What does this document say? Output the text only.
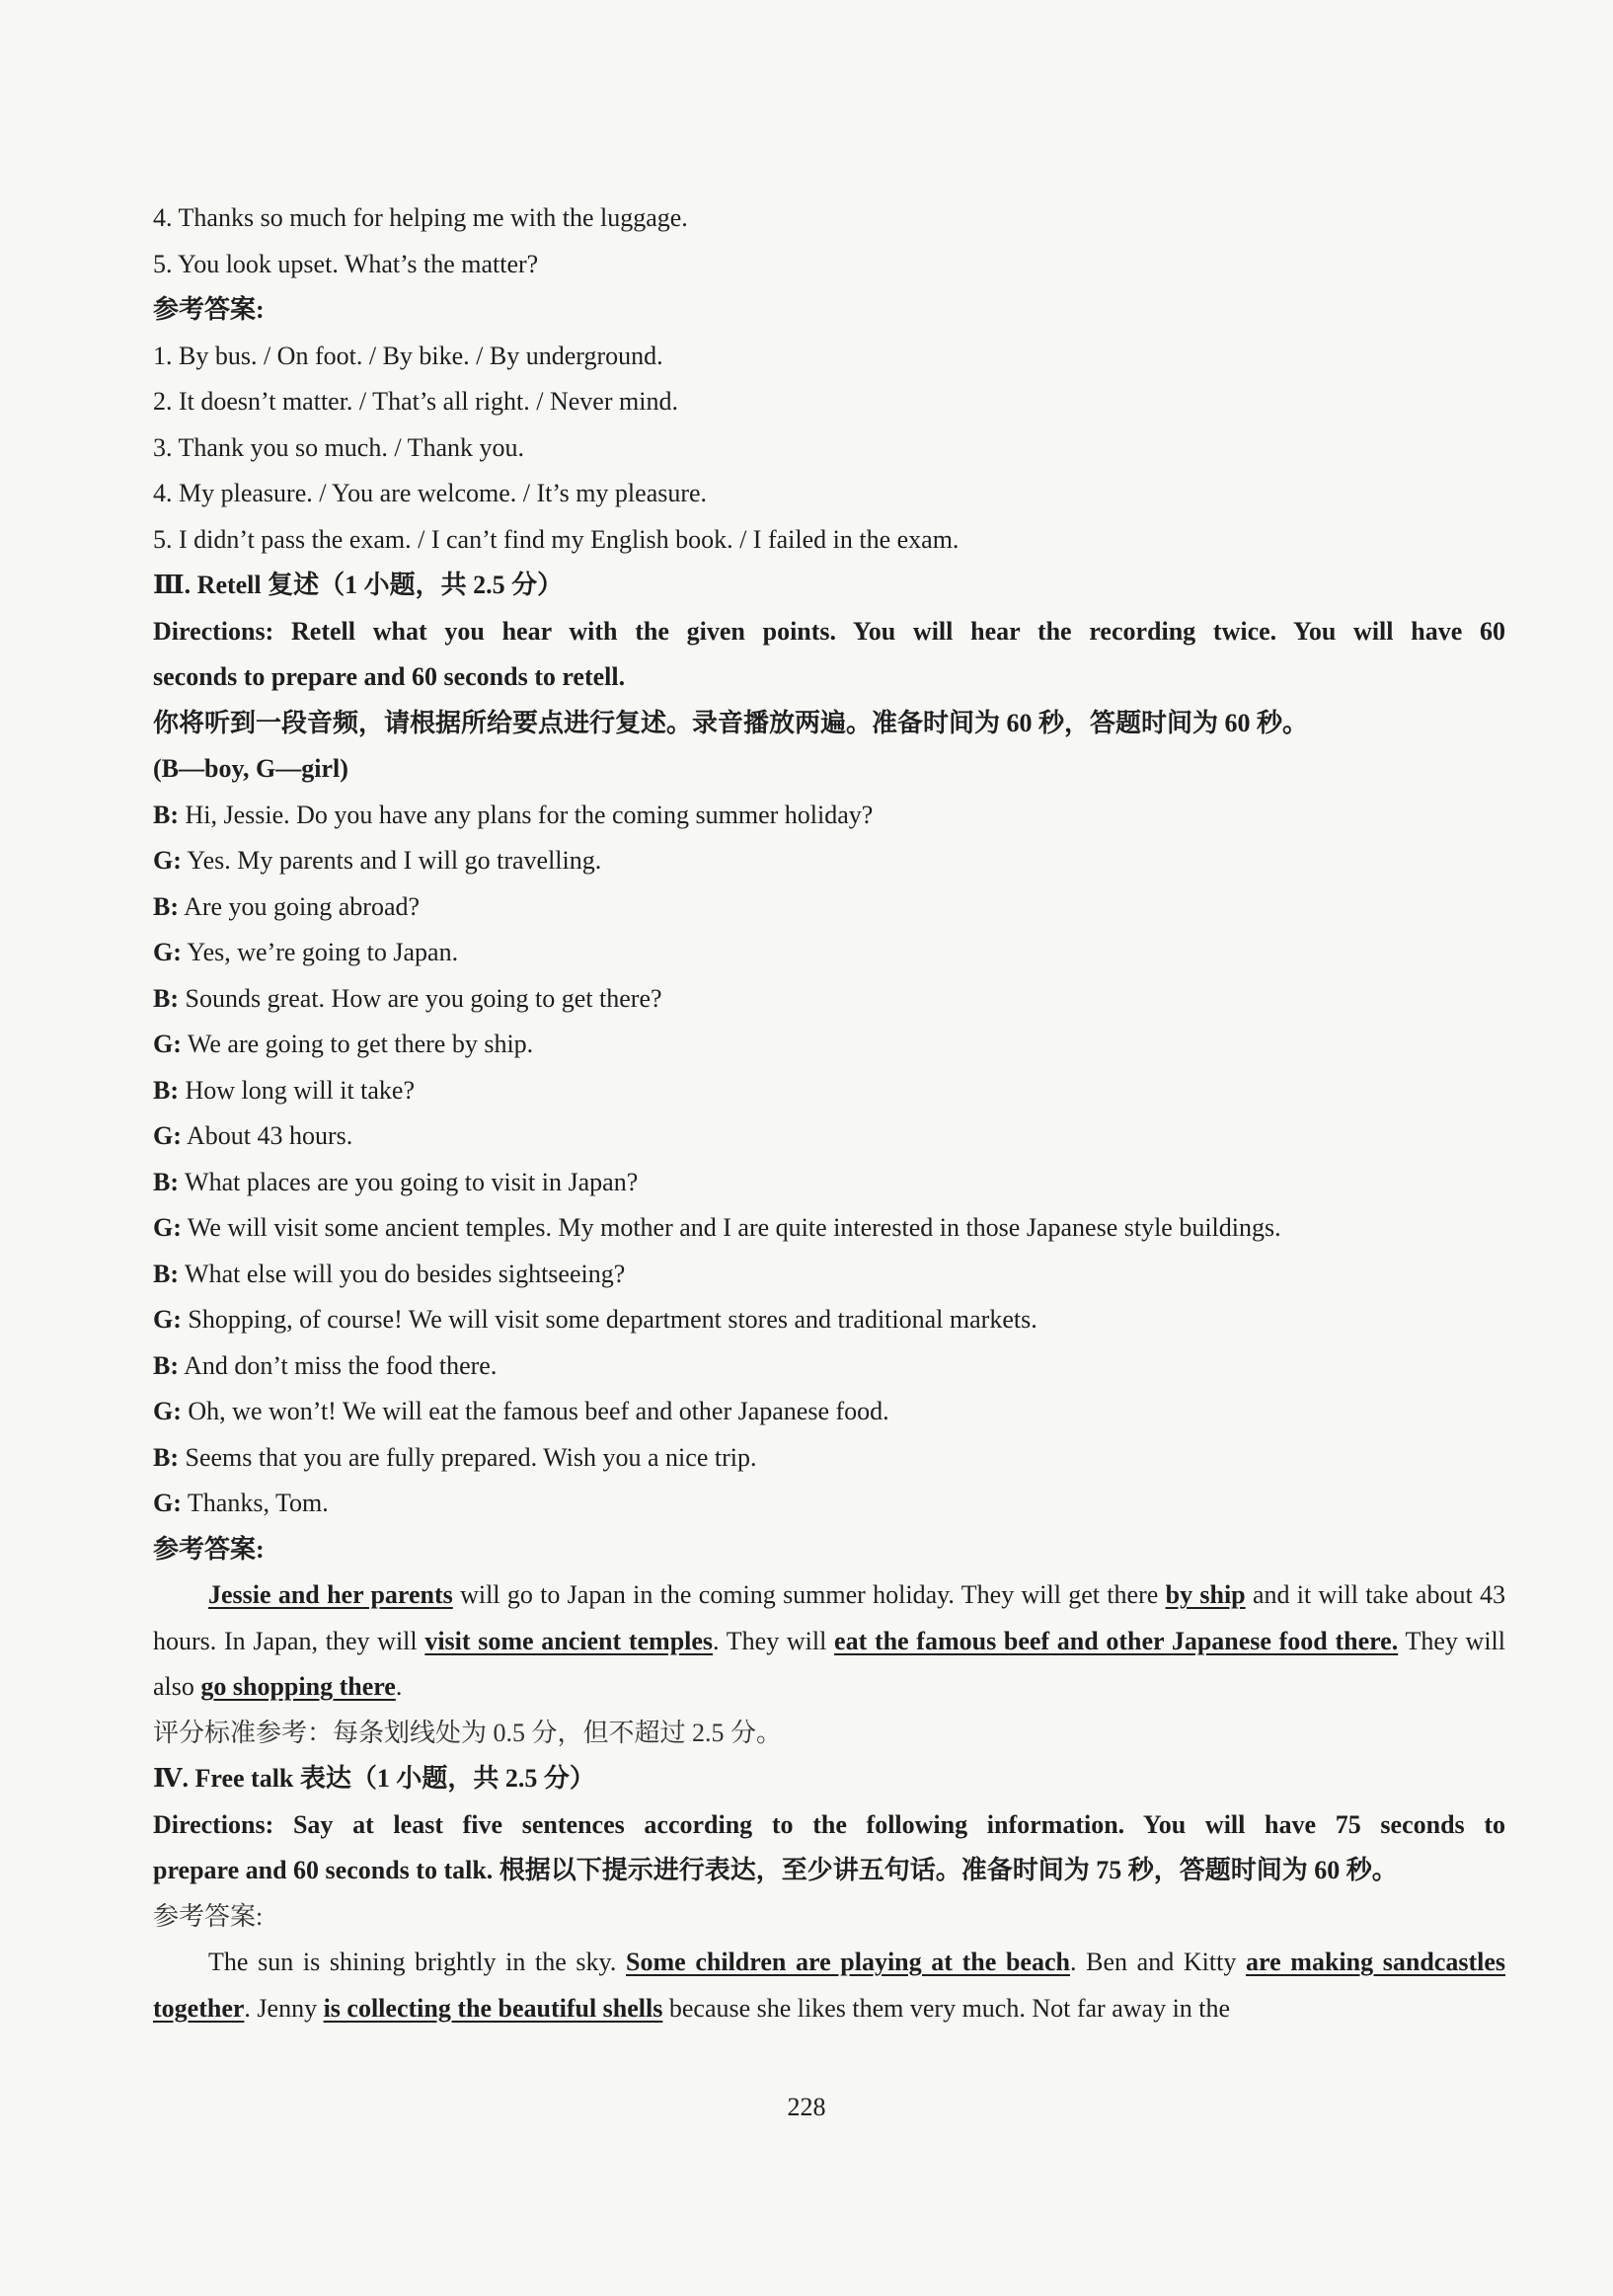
4. Thanks so much for helping me with the luggage.
5. You look upset. What’s the matter?
参考答案:
1. By bus. / On foot. / By bike. / By underground.
2. It doesn’t matter. / That’s all right. / Never mind.
3. Thank you so much. / Thank you.
4. My pleasure. / You are welcome. / It’s my pleasure.
5. I didn’t pass the exam. / I can’t find my English book. / I failed in the exam.
Ⅲ. Retell 复述（1 小题，共 2.5 分）
Directions: Retell what you hear with the given points. You will hear the recording twice. You will have 60
seconds to prepare and 60 seconds to retell.
你将听到一段音频，请根据所给要点进行复述。录音播放两遍。准备时间为 60 秒，答题时间为 60 秒。
(B—boy, G—girl)
B: Hi, Jessie. Do you have any plans for the coming summer holiday?
G: Yes. My parents and I will go travelling.
B: Are you going abroad?
G: Yes, we’re going to Japan.
B: Sounds great. How are you going to get there?
G: We are going to get there by ship.
B: How long will it take?
G: About 43 hours.
B: What places are you going to visit in Japan?
G: We will visit some ancient temples. My mother and I are quite interested in those Japanese style buildings.
B: What else will you do besides sightseeing?
G: Shopping, of course! We will visit some department stores and traditional markets.
B: And don’t miss the food there.
G: Oh, we won’t! We will eat the famous beef and other Japanese food.
B: Seems that you are fully prepared. Wish you a nice trip.
G: Thanks, Tom.
参考答案:
Jessie and her parents will go to Japan in the coming summer holiday. They will get there by ship and it will take about 43 hours. In Japan, they will visit some ancient temples. They will eat the famous beef and other Japanese food there. They will also go shopping there.
评分标准参考：每条划线处为 0.5 分，但不超过 2.5 分。
Ⅳ. Free talk 表达（1 小题，共 2.5 分）
Directions: Say at least five sentences according to the following information. You will have 75 seconds to
prepare and 60 seconds to talk. 根据以下提示进行表达，至少讲五句话。准备时间为 75 秒，答题时间为 60 秒。
参考答案:
The sun is shining brightly in the sky. Some children are playing at the beach. Ben and Kitty are making sandcastles together. Jenny is collecting the beautiful shells because she likes them very much. Not far away in the
228
